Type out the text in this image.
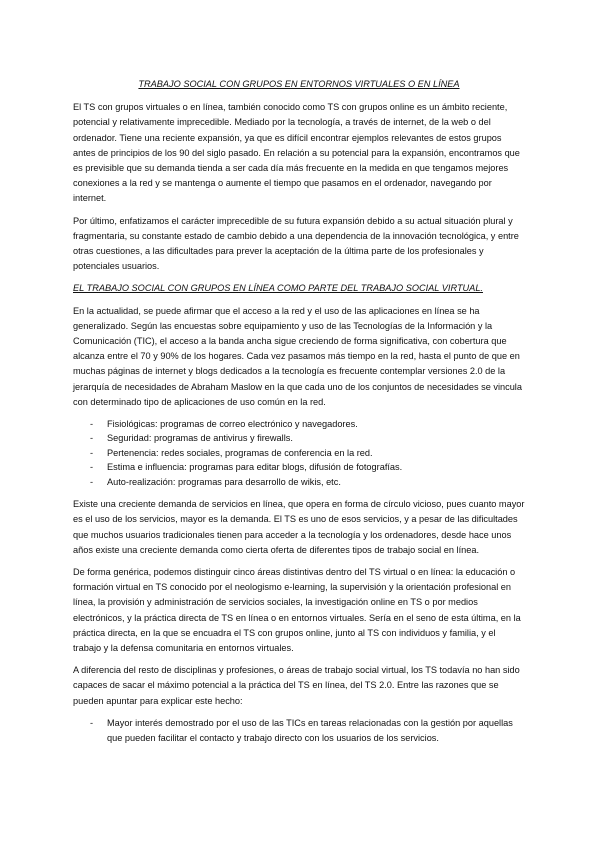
TRABAJO SOCIAL CON GRUPOS EN ENTORNOS VIRTUALES O EN LÍNEA

El TS con grupos virtuales o en línea, también conocido como TS con grupos online es un ámbito reciente, potencial y relativamente imprecedible. Mediado por la tecnología, a través de internet, de la web o del ordenador. Tiene una reciente expansión, ya que es difícil encontrar ejemplos relevantes de estos grupos antes de principios de los 90 del siglo pasado. En relación a su potencial para la expansión, encontramos que es previsible que su demanda tienda a ser cada día más frecuente en la medida en que tengamos mejores conexiones a la red y se mantenga o aumente el tiempo que pasamos en el ordenador, navegando por internet.

Por último, enfatizamos el carácter imprecedible de su futura expansión debido a su actual situación plural y fragmentaria, su constante estado de cambio debido a una dependencia de la innovación tecnológica, y entre otras cuestiones, a las dificultades para prever la aceptación de la última parte de los profesionales y potenciales usuarios.

EL TRABAJO SOCIAL CON GRUPOS EN LÍNEA COMO PARTE DEL TRABAJO SOCIAL VIRTUAL.

En la actualidad, se puede afirmar que el acceso a la red y el uso de las aplicaciones en línea se ha generalizado. Según las encuestas sobre equipamiento y uso de las Tecnologías de la Información y la Comunicación (TIC), el acceso a la banda ancha sigue creciendo de forma significativa, con cobertura que alcanza entre el 70 y 90% de los hogares. Cada vez pasamos más tiempo en la red, hasta el punto de que en muchas páginas de internet y blogs dedicados a la tecnología es frecuente contemplar versiones 2.0 de la jerarquía de necesidades de Abraham Maslow en la que cada uno de los conjuntos de necesidades se vincula con determinado tipo de aplicaciones de uso común en la red.

- Fisiológicas: programas de correo electrónico y navegadores.
- Seguridad: programas de antivirus y firewalls.
- Pertenencia: redes sociales, programas de conferencia en la red.
- Estima e influencia: programas para editar blogs, difusión de fotografías.
- Auto-realización: programas para desarrollo de wikis, etc.

Existe una creciente demanda de servicios en línea, que opera en forma de círculo vicioso, pues cuanto mayor es el uso de los servicios, mayor es la demanda. El TS es uno de esos servicios, y a pesar de las dificultades que muchos usuarios tradicionales tienen para acceder a la tecnología y los ordenadores, desde hace unos años existe una creciente demanda como cierta oferta de diferentes tipos de trabajo social en línea.

De forma genérica, podemos distinguir cinco áreas distintivas dentro del TS virtual o en línea: la educación o formación virtual en TS conocido por el neologismo e-learning, la supervisión y la orientación profesional en línea, la provisión y administración de servicios sociales, la investigación online en TS o por medios electrónicos, y la práctica directa de TS en línea o en entornos virtuales. Sería en el seno de esta última, en la práctica directa, en la que se encuadra el TS con grupos online, junto al TS con individuos y familia, y el trabajo y la defensa comunitaria en entornos virtuales.

A diferencia del resto de disciplinas y profesiones, o áreas de trabajo social virtual, los TS todavía no han sido capaces de sacar el máximo potencial a la práctica del TS en línea, del TS 2.0. Entre las razones que se pueden apuntar para explicar este hecho:

- Mayor interés demostrado por el uso de las TICs en tareas relacionadas con la gestión por aquellas que pueden facilitar el contacto y trabajo directo con los usuarios de los servicios.
